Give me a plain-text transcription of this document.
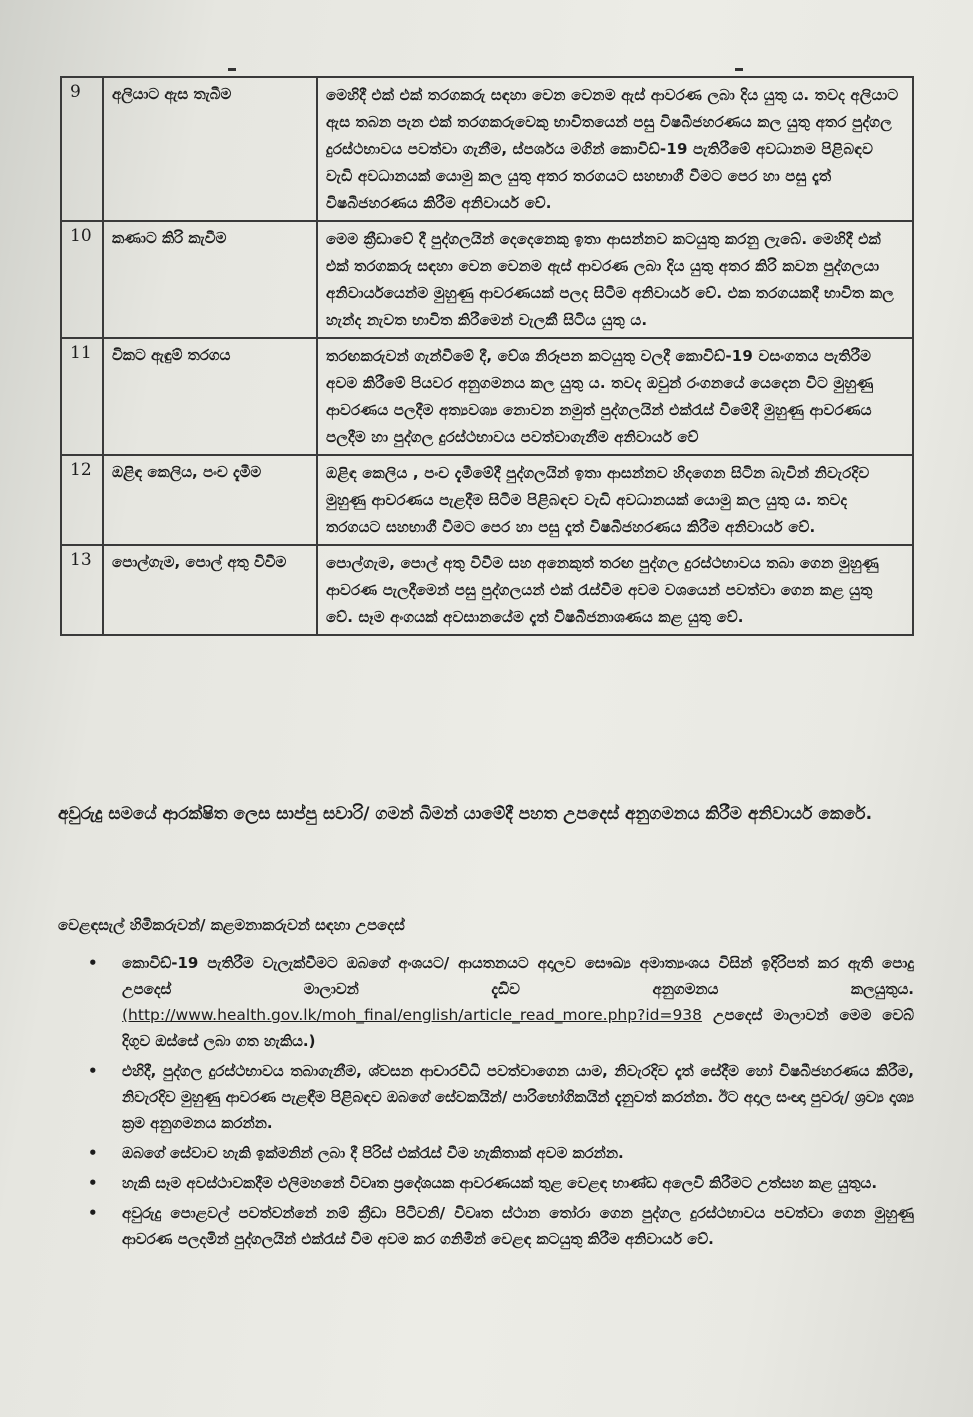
9	අලියාට ඇස තැබීම	මෙහිදී එක් එක් තරගකරු සඳහා වෙන වෙනම ඇස් ආවරණ ලබා දිය යුතු ය. තවද අලියාට ඇස තබන පැන එක් තරගකරුවෙකු භාවිතයෙන් පසු විෂබීජහරණය කල යුතු අතර පුද්ගල දුරස්ථභාවය පවත්වා ගැනීම, ස්පර්ශය මගින් කොවිඩ්-19 පැතිරීමේ අවධානම පිළිබඳව වැඩි අවධානයක් යොමු කල යුතු අතර තරගයට සහභාගී වීමට පෙර හා පසු දෑත් විෂබීජහරණය කිරීම අනිවාර්ය වේ.
10	කණාට කිරි කැවීම	මෙම ක්‍රීඩාවේ දී පුද්ගලයින් දෙදෙනෙකු ඉතා ආසන්නව කටයුතු කරනු ලැබේ. මෙහිදී එක් එක් තරගකරු සඳහා වෙන වෙනම ඇස් ආවරණ ලබා දිය යුතු අතර කිරි කවන පුද්ගලයා අනිවාර්යයෙන්ම මුහුණු ආවරණයක් පලද සිටීම අනිවාර්ය වේ. එක තරගයකදී භාවිත කල හැන්ද නැවත භාවිත කිරීමෙන් වැලකී සිටිය යුතු ය.
11	විකට ඇඳුම් තරගය	තරඟකරුවන් ගැන්වීමේ දී, වේශ නිරූපන කටයුතු වලදී කොවිඩ්-19 වසංගතය පැතිරීම අවම කිරීමේ පියවර අනුගමනය කල යුතු ය. තවද ඔවුන් රංගනයේ යෙදෙන විට මුහුණු ආවරණය පලදීම අත්‍යවශ්‍ය නොවන නමුත් පුද්ගලයින් එක්රැස් වීමේදී මුහුණු ආවරණය පලදීම හා පුද්ගල දුරස්ථභාවය පවත්වාගැනීම අනිවාර්ය වේ
12	ඔළිඳ කෙලිය, පංච දැමීම	ඔළිඳ කෙලිය , පංච දැමීමේදී පුද්ගලයින් ඉතා ආසන්නව හිදගෙන සිටින බැවින් නිවැරදිව මුහුණු ආවරණය පැළදීම සිටීම පිළිබඳව වැඩි අවධානයක් යොමු කල යුතු ය. තවද තරගයට සහභාගී වීමට පෙර හා පසු දෑත් විෂබීජහරණය කිරීම අනිවාර්ය වේ.
13	පොල්ගැම, පොල් අතු විවීම	පොල්ගැම, පොල් අතු විවීම සහ අනෙකුත් තරඟ පුද්ගල දුරස්ථභාවය තබා ගෙන මුහුණු ආවරණ පැලදීමෙන් පසු පුද්ගලයන් එක් රැස්වීම අවම වශයෙන් පවත්වා ගෙන කළ යුතු වේ. සෑම අංගයක් අවසානයේම දෑත් විෂබීජනාශණය කළ යුතු වේ.
අවුරුදු සමයේ ආරක්ෂිත ලෙස සාප්පු සවාරි/ ගමන් බිමන් යාමේදී පහත උපදෙස් අනුගමනය කිරීම අනිවාර්ය කෙරේ.
වෙළඳසැල් හිමිකරුවන්/ කළමනාකරුවන් සඳහා උපදෙස්
• කොවිඩ්-19 පැතිරීම වැලැක්වීමට ඔබගේ අංශයට/ ආයතනයට අදාලව සෞඛ්‍ය අමාත්‍යංශය විසින් ඉදිරිපත් කර ඇති පොදු උපදෙස් මාලාවන් දැඩිව අනුගමනය කලයුතුය. (http://www.health.gov.lk/moh_final/english/article_read_more.php?id=938 උපදෙස් මාලාවන් මෙම වෙබ් දිගුව ඔස්සේ ලබා ගත හැකිය.)
• එහිදී, පුද්ගල දුරස්ථභාවය තබාගැනීම, ශ්වසන ආචාරවිධි පවත්වාගෙන යාම, නිවැරදිව දෑත් සේදීම හෝ විෂබීජහරණය කිරීම, නිවැරදිව මුහුණු ආවරණ පැළඳීම පිළිබඳව ඔබගේ සේවකයින්/ පාරිභෝගිකයින් දැනුවත් කරන්න. ඊට අදාල සංඥා පුවරු/ ශ්‍රව්‍ය දෘශ්‍ය ක්‍රම අනුගමනය කරන්න.
• ඔබගේ සේවාව හැකි ඉක්මනින් ලබා දී පිරිස් එක්රැස් වීම හැකිතාක් අවම කරන්න.
• හැකි සෑම අවස්ථාවකදීම එලිමහනේ විවෘත ප්‍රදේශයක ආවරණයක් තුළ වෙළඳ භාණ්ඩ අලෙවි කිරීමට උත්සහ කළ යුතුය.
• අවුරුදු පොළවල් පවත්වන්නේ නම් ක්‍රීඩා පිටිවනි/ විවෘත ස්ථාන තෝරා ගෙන පුද්ගල දුරස්ථභාවය පවත්වා ගෙන මුහුණු ආවරණ පලදමින් පුද්ගලයින් එක්රැස් වීම අවම කර ගනිමින් වෙළඳ කටයුතු කිරීම අනිවාර්ය වේ.
